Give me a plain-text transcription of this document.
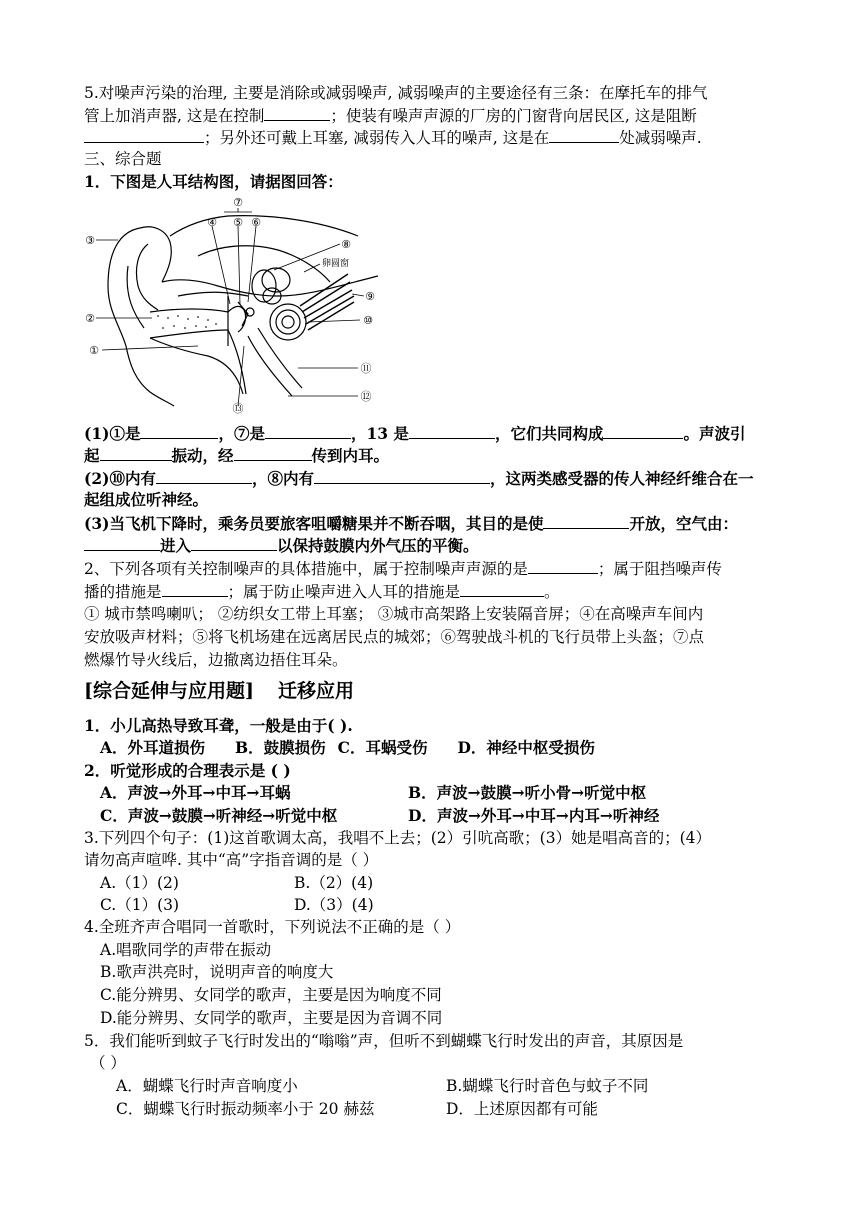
5.对噪声污染的治理, 主要是消除或减弱噪声, 减弱噪声的主要途径有三条：在摩托车的排气
管上加消声器, 这是在控制	；使装有噪声声源的厂房的门窗背向居民区, 这是阻断
；另外还可戴上耳塞, 减弱传入人耳的噪声, 这是在	处减弱噪声.
三、综合题
1．下图是人耳结构图，请据图回答：
③
②
①
④
⑦
⑤ ⑥
⑧
⑨
⑩
⑪
⑫
⑬
卵圆窗
(1)①是	，⑦是	，13 是	，它们共同构成	。声波引
起	振动，经	传到内耳。
(2)⑩内有	，⑧内有	，这两类感受器的传人神经纤维合在一
起组成位听神经。
(3)当飞机下降时，乘务员要旅客咀嚼糖果并不断吞咽，其目的是使	开放，空气由：
进入	以保持鼓膜内外气压的平衡。
2、下列各项有关控制噪声的具体措施中，属于控制噪声声源的是	；属于阻挡噪声传
播的措施是	；属于防止噪声进入人耳的措施是	。
① 城市禁鸣喇叭； ②纺织女工带上耳塞； ③城市高架路上安装隔音屏；④在高噪声车间内
安放吸声材料；⑤将飞机场建在远离居民点的城郊；⑥驾驶战斗机的飞行员带上头盔；⑦点
燃爆竹导火线后，边撤离边捂住耳朵。
[综合延伸与应用题] 迁移应用
1．小儿高热导致耳聋，一般是由于( ).
A．外耳道损伤 B．鼓膜损伤 C．耳蜗受伤 D．神经中枢受损伤
2．听觉形成的合理表示是 ( )
A．声波→外耳→中耳→耳蜗	B．声波→鼓膜→听小骨→听觉中枢
C．声波→鼓膜→听神经→听觉中枢	D．声波→外耳→中耳→内耳→听神经
3.下列四个句子：(1)这首歌调太高，我唱不上去；(2）引吭高歌；(3）她是唱高音的；(4）
请勿高声喧哗. 其中“高”字指音调的是（ ）
A.（1）(2)	B.（2）(4)
C.（1）(3)	D.（3）(4)
4.全班齐声合唱同一首歌时，下列说法不正确的是（ ）
A.唱歌同学的声带在振动
B.歌声洪亮时，说明声音的响度大
C.能分辨男、女同学的歌声，主要是因为响度不同
D.能分辨男、女同学的歌声，主要是因为音调不同
5．我们能听到蚊子飞行时发出的“嗡嗡”声，但听不到蝴蝶飞行时发出的声音，其原因是
（ ）
A．蝴蝶飞行时声音响度小	B.蝴蝶飞行时音色与蚊子不同
C．蝴蝶飞行时振动频率小于 20 赫兹	D．上述原因都有可能
